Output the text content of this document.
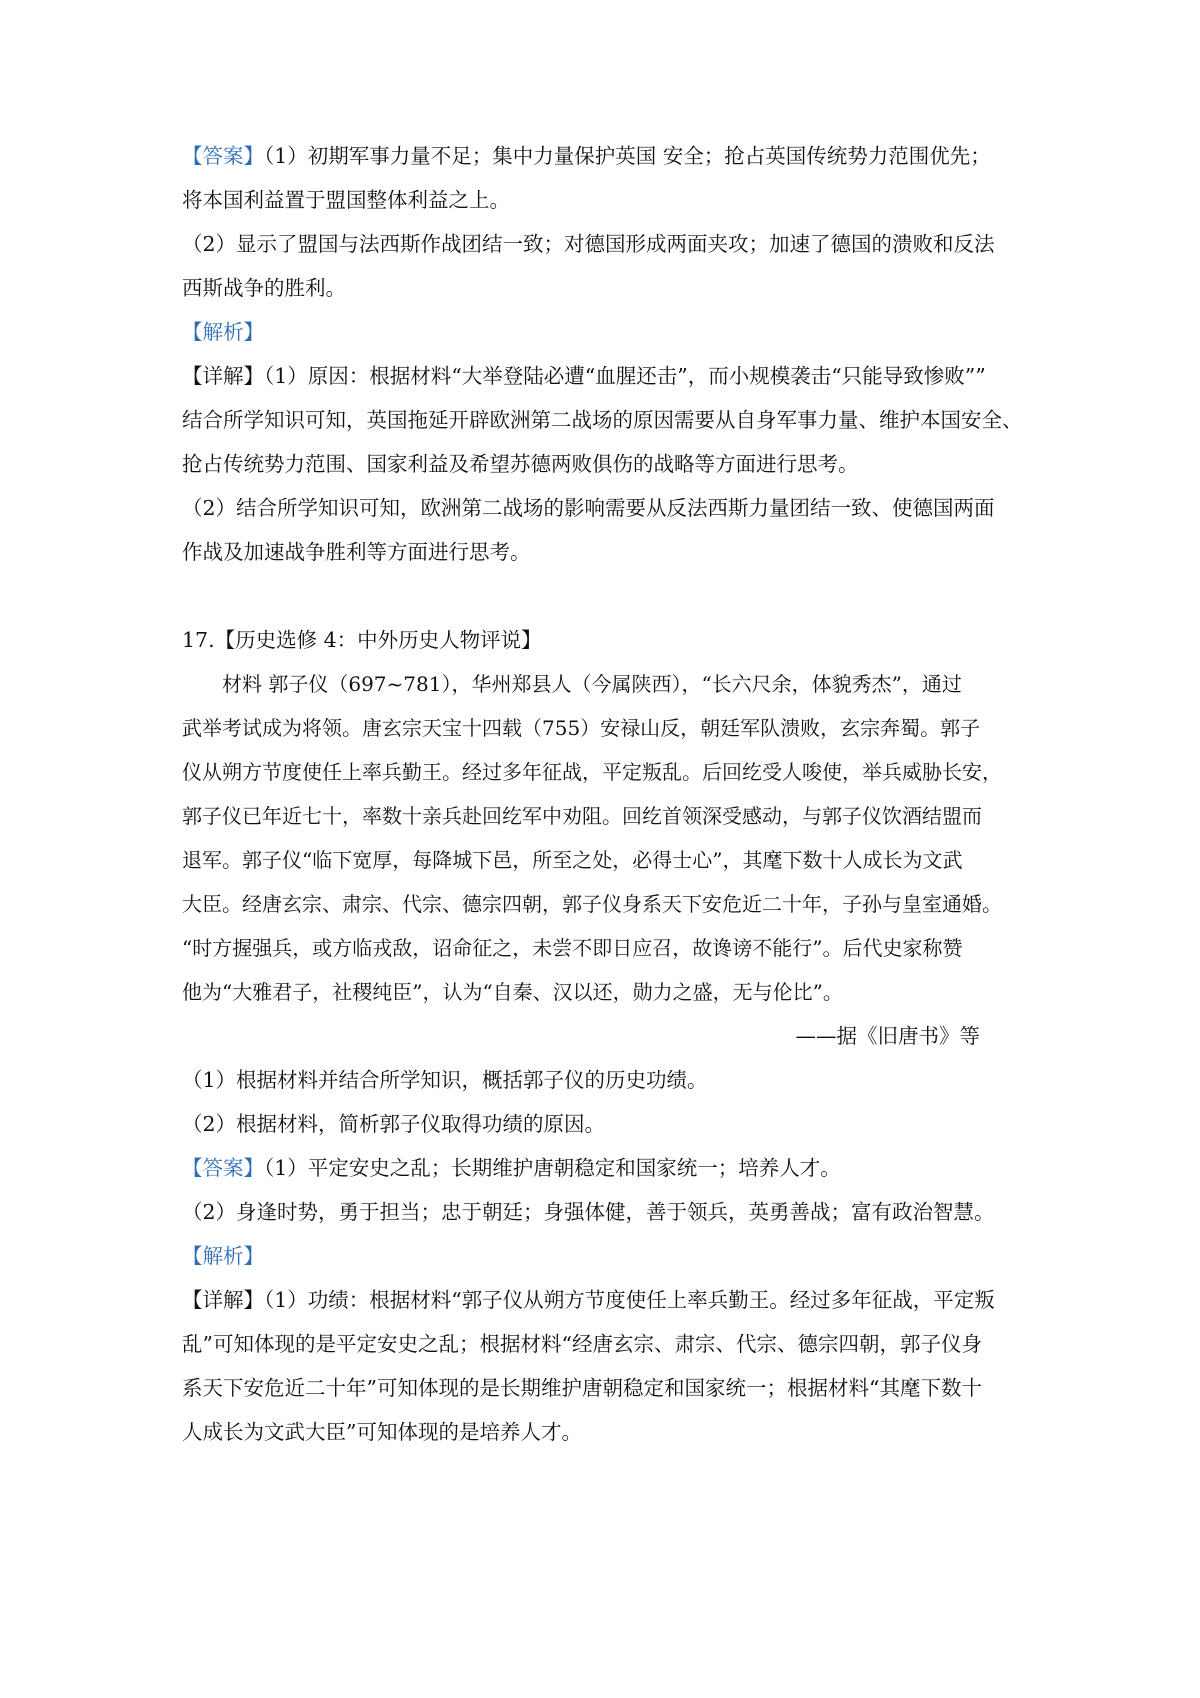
【答案】（1）初期军事力量不足；集中力量保护英国 安全；抢占英国传统势力范围优先；
将本国利益置于盟国整体利益之上。
（2）显示了盟国与法西斯作战团结一致；对德国形成两面夹攻；加速了德国的溃败和反法
西斯战争的胜利。
【解析】
【详解】（1）原因：根据材料“大举登陆必遭“血腥还击”，而小规模袭击“只能导致惨败””
结合所学知识可知，英国拖延开辟欧洲第二战场的原因需要从自身军事力量、维护本国安全、
抢占传统势力范围、国家利益及希望苏德两败俱伤的战略等方面进行思考。
（2）结合所学知识可知，欧洲第二战场的影响需要从反法西斯力量团结一致、使德国两面
作战及加速战争胜利等方面进行思考。
17.【历史选修 4：中外历史人物评说】
材料 郭子仪（697~781），华州郑县人（今属陕西），“长六尺余，体貌秀杰”，通过
武举考试成为将领。唐玄宗天宝十四载（755）安禄山反，朝廷军队溃败，玄宗奔蜀。郭子
仪从朔方节度使任上率兵勤王。经过多年征战，平定叛乱。后回纥受人唆使，举兵威胁长安，
郭子仪已年近七十，率数十亲兵赴回纥军中劝阻。回纥首领深受感动，与郭子仪饮酒结盟而
退军。郭子仪“临下宽厚，每降城下邑，所至之处，必得士心”，其麾下数十人成长为文武
大臣。经唐玄宗、肃宗、代宗、德宗四朝，郭子仪身系天下安危近二十年，子孙与皇室通婚。
“时方握强兵，或方临戎敌，诏命征之，未尝不即日应召，故谗谤不能行”。后代史家称赞
他为“大雅君子，社稷纯臣”，认为“自秦、汉以还，勋力之盛，无与伦比”。
——据《旧唐书》等
（1）根据材料并结合所学知识，概括郭子仪的历史功绩。
（2）根据材料，简析郭子仪取得功绩的原因。
【答案】（1）平定安史之乱；长期维护唐朝稳定和国家统一；培养人才。
（2）身逢时势，勇于担当；忠于朝廷；身强体健，善于领兵，英勇善战；富有政治智慧。
【解析】
【详解】（1）功绩：根据材料“郭子仪从朔方节度使任上率兵勤王。经过多年征战，平定叛
乱”可知体现的是平定安史之乱；根据材料“经唐玄宗、肃宗、代宗、德宗四朝，郭子仪身
系天下安危近二十年”可知体现的是长期维护唐朝稳定和国家统一；根据材料“其麾下数十
人成长为文武大臣”可知体现的是培养人才。
